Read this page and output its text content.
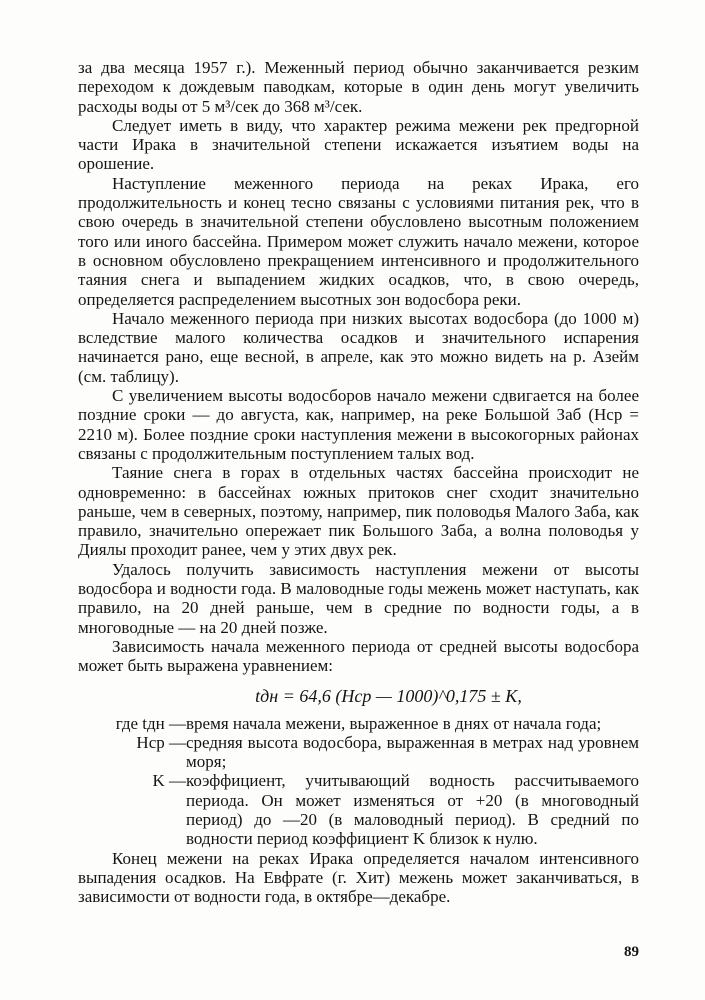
за два месяца 1957 г.). Меженный период обычно заканчивается резким переходом к дождевым паводкам, которые в один день могут увеличить расходы воды от 5 м³/сек до 368 м³/сек.

Следует иметь в виду, что характер режима межени рек предгорной части Ирака в значительной степени искажается изъятием воды на орошение.

Наступление меженного периода на реках Ирака, его продолжительность и конец тесно связаны с условиями питания рек, что в свою очередь в значительной степени обусловлено высотным положением того или иного бассейна. Примером может служить начало межени, которое в основном обусловлено прекращением интенсивного и продолжительного таяния снега и выпадением жидких осадков, что, в свою очередь, определяется распределением высотных зон водосбора реки.

Начало меженного периода при низких высотах водосбора (до 1000 м) вследствие малого количества осадков и значительного испарения начинается рано, еще весной, в апреле, как это можно видеть на р. Азейм (см. таблицу).

С увеличением высоты водосборов начало межени сдвигается на более поздние сроки — до августа, как, например, на реке Большой Заб (Hср = 2210 м). Более поздние сроки наступления межени в высокогорных районах связаны с продолжительным поступлением талых вод.

Таяние снега в горах в отдельных частях бассейна происходит не одновременно: в бассейнах южных притоков снег сходит значительно раньше, чем в северных, поэтому, например, пик половодья Малого Заба, как правило, значительно опережает пик Большого Заба, а волна половодья у Диялы проходит ранее, чем у этих двух рек.

Удалось получить зависимость наступления межени от высоты водосбора и водности года. В маловодные годы межень может наступать, как правило, на 20 дней раньше, чем в средние по водности годы, а в многоводные — на 20 дней позже.

Зависимость начала меженного периода от средней высоты водосбора может быть выражена уравнением:

tдн = 64,6 (Hср — 1000)^0,175 ± K,
где tдн — время начала межени, выраженное в днях от начала года;
Hср — средняя высота водосбора, выраженная в метрах над уровнем моря;
K — коэффициент, учитывающий водность рассчитываемого периода. Он может изменяться от +20 (в многоводный период) до —20 (в маловодный период). В средний по водности период коэффициент K близок к нулю.

Конец межени на реках Ирака определяется началом интенсивного выпадения осадков. На Евфрате (г. Хит) межень может заканчиваться, в зависимости от водности года, в октябре—декабре.

89
